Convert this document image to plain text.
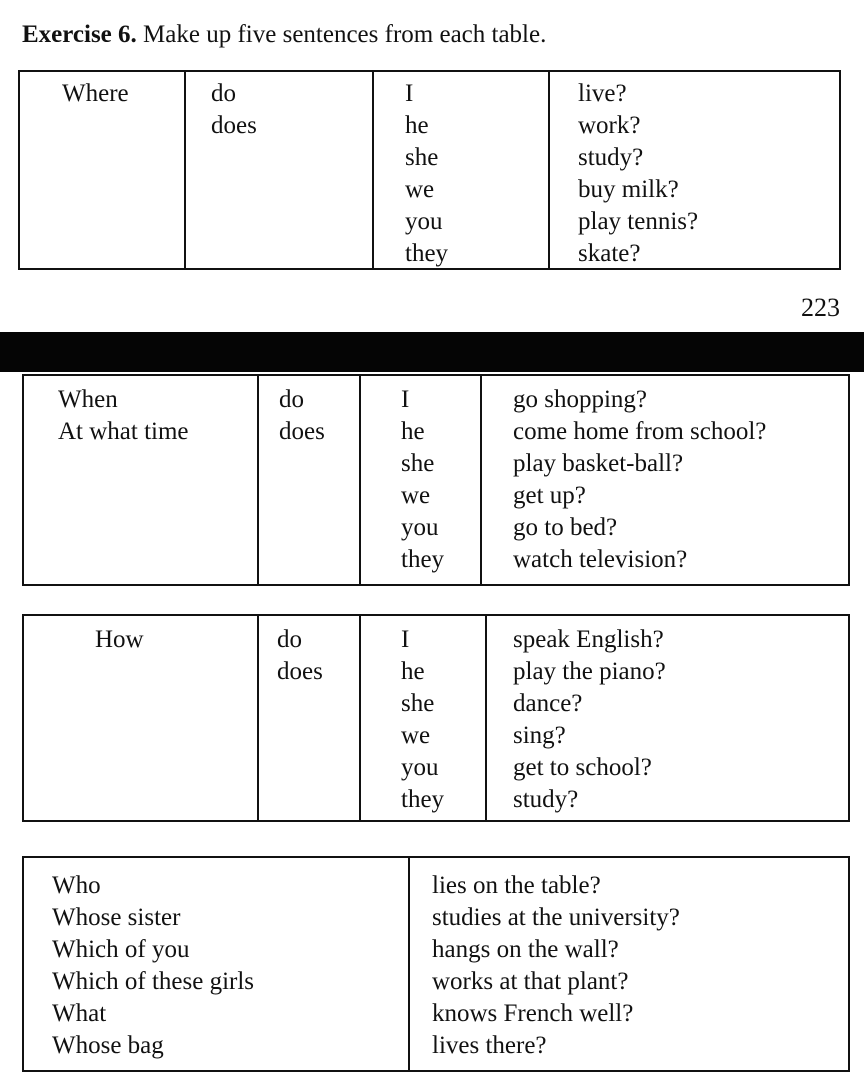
Exercise 6. Make up five sentences from each table.
Where	do
does
I
he
she
we
you
they
live?
work?
study?
buy milk?
play tennis?
skate?
223
When
At what time
do
does
I
he
she
we
you
they
go shopping?
come home from school?
play basket-ball?
get up?
go to bed?
watch television?
How	do
does
I
he
she
we
you
they
speak English?
play the piano?
dance?
sing?
get to school?
study?
Who
Whose sister
Which of you
Which of these girls
What
Whose bag
lies on the table?
studies at the university?
hangs on the wall?
works at that plant?
knows French well?
lives there?
